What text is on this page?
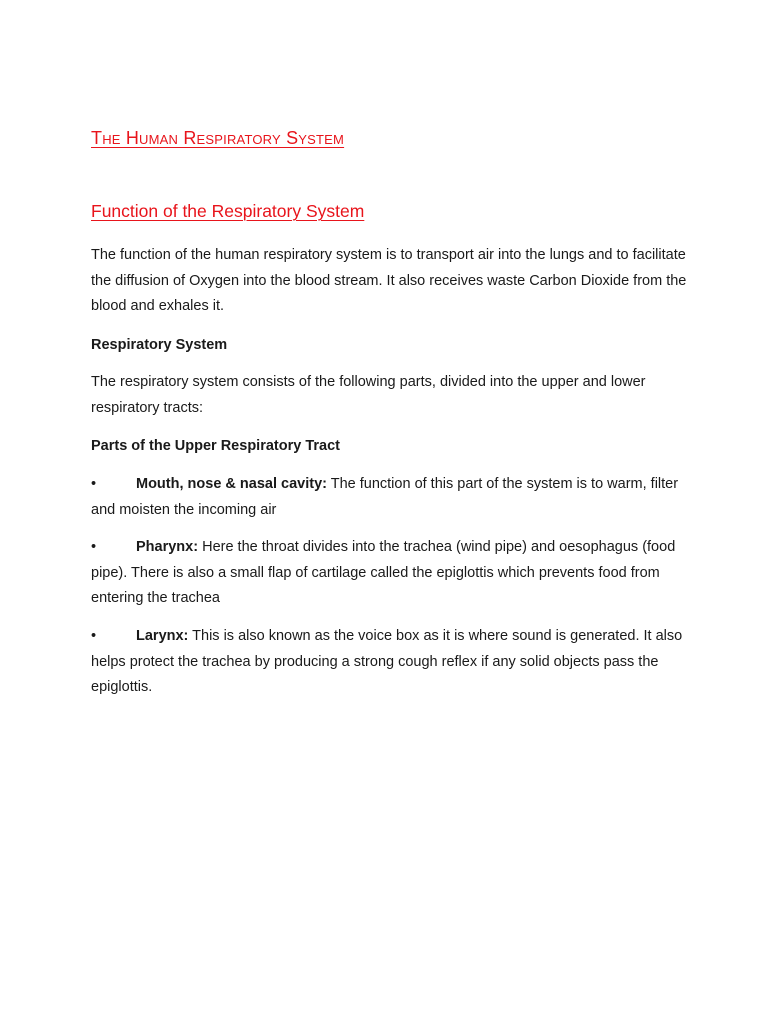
The Human Respiratory System
Function of the Respiratory System

The function of the human respiratory system is to transport air into the lungs and to facilitate the diffusion of Oxygen into the blood stream. It also receives waste Carbon Dioxide from the blood and exhales it.

Respiratory System

The respiratory system consists of the following parts, divided into the upper and lower respiratory tracts:

Parts of the Upper Respiratory Tract

•	Mouth, nose & nasal cavity: The function of this part of the system is to warm, filter and moisten the incoming air

•	Pharynx: Here the throat divides into the trachea (wind pipe) and oesophagus (food pipe). There is also a small flap of cartilage called the epiglottis which prevents food from entering the trachea

•	Larynx: This is also known as the voice box as it is where sound is generated. It also helps protect the trachea by producing a strong cough reflex if any solid objects pass the epiglottis.
